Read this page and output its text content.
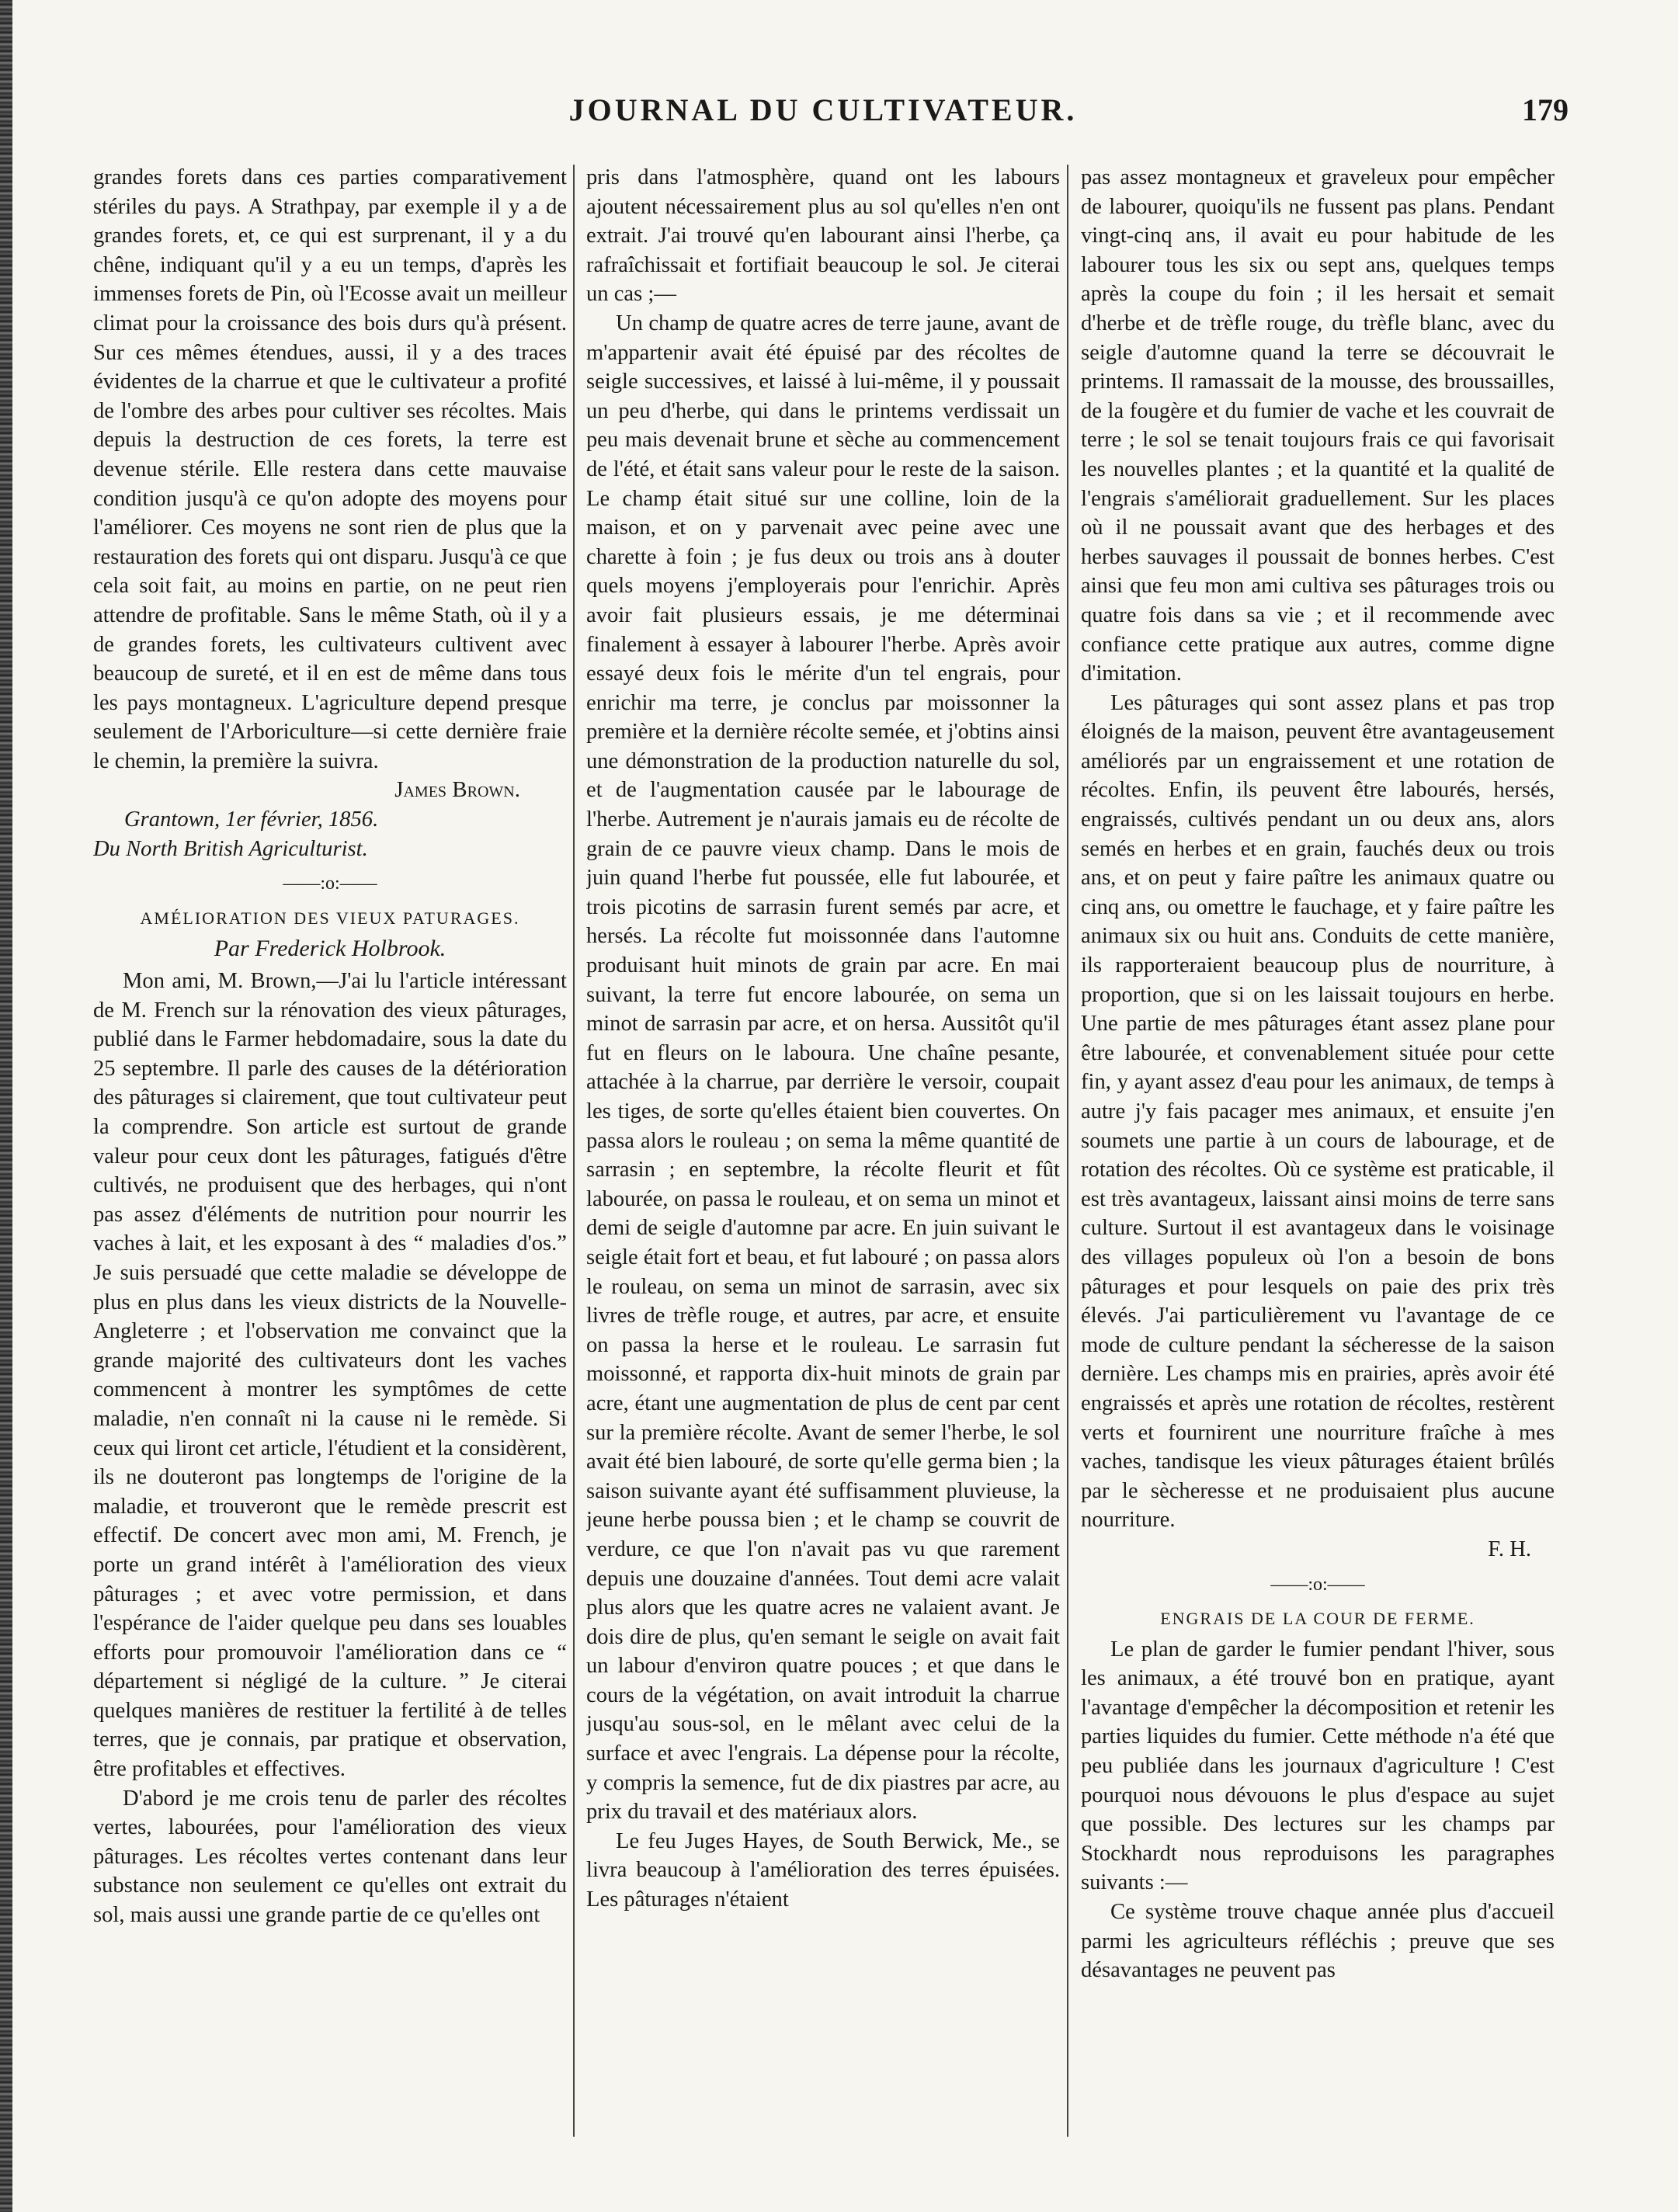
JOURNAL DU CULTIVATEUR.	179

grandes forets dans ces parties comparativement stériles du pays. A Strathpay, par exemple il y a de grandes forets, et, ce qui est surprenant, il y a du chêne, indiquant qu'il y a eu un temps, d'après les immenses forets de Pin, où l'Ecosse avait un meilleur climat pour la croissance des bois durs qu'à présent. Sur ces mêmes étendues, aussi, il y a des traces évidentes de la charrue et que le cultivateur a profité de l'ombre des arbes pour cultiver ses récoltes. Mais depuis la destruction de ces forets, la terre est devenue stérile. Elle restera dans cette mauvaise condition jusqu'à ce qu'on adopte des moyens pour l'améliorer. Ces moyens ne sont rien de plus que la restauration des forets qui ont disparu. Jusqu'à ce que cela soit fait, au moins en partie, on ne peut rien attendre de profitable. Sans le même Stath, où il y a de grandes forets, les cultivateurs cultivent avec beaucoup de sureté, et il en est de même dans tous les pays montagneux. L'agriculture depend presque seulement de l'Arboriculture—si cette dernière fraie le chemin, la première la suivra.

James Brown.

Grantown, 1er février, 1856.

Du North British Agriculturist.

——:o:——
AMÉLIORATION DES VIEUX PATURAGES.
Par Frederick Holbrook.

Mon ami, M. Brown,—J'ai lu l'article intéressant de M. French sur la rénovation des vieux pâturages, publié dans le Farmer hebdomadaire, sous la date du 25 septembre. Il parle des causes de la détérioration des pâturages si clairement, que tout cultivateur peut la comprendre. Son article est surtout de grande valeur pour ceux dont les pâturages, fatigués d'être cultivés, ne produisent que des herbages, qui n'ont pas assez d'éléments de nutrition pour nourrir les vaches à lait, et les exposant à des “ maladies d'os.” Je suis persuadé que cette maladie se développe de plus en plus dans les vieux districts de la Nouvelle-Angleterre ; et l'observation me convainct que la grande majorité des cultivateurs dont les vaches commencent à montrer les symptômes de cette maladie, n'en connaît ni la cause ni le remède. Si ceux qui liront cet article, l'étudient et la considèrent, ils ne douteront pas longtemps de l'origine de la maladie, et trouveront que le remède prescrit est effectif. De concert avec mon ami, M. French, je porte un grand intérêt à l'amélioration des vieux pâturages ; et avec votre permission, et dans l'espérance de l'aider quelque peu dans ses louables efforts pour promouvoir l'amélioration dans ce “ département si négligé de la culture. ” Je citerai quelques manières de restituer la fertilité à de telles terres, que je connais, par pratique et observation, être profitables et effectives.

D'abord je me crois tenu de parler des récoltes vertes, labourées, pour l'amélioration des vieux pâturages. Les récoltes vertes contenant dans leur substance non seulement ce qu'elles ont extrait du sol, mais aussi une grande partie de ce qu'elles ont

pris dans l'atmosphère, quand ont les labours ajoutent nécessairement plus au sol qu'elles n'en ont extrait. J'ai trouvé qu'en labourant ainsi l'herbe, ça rafraîchissait et fortifiait beaucoup le sol. Je citerai un cas ;—

Un champ de quatre acres de terre jaune, avant de m'appartenir avait été épuisé par des récoltes de seigle successives, et laissé à lui-même, il y poussait un peu d'herbe, qui dans le printems verdissait un peu mais devenait brune et sèche au commencement de l'été, et était sans valeur pour le reste de la saison. Le champ était situé sur une colline, loin de la maison, et on y parvenait avec peine avec une charette à foin ; je fus deux ou trois ans à douter quels moyens j'employerais pour l'enrichir. Après avoir fait plusieurs essais, je me déterminai finalement à essayer à labourer l'herbe. Après avoir essayé deux fois le mérite d'un tel engrais, pour enrichir ma terre, je conclus par moissonner la première et la dernière récolte semée, et j'obtins ainsi une démonstration de la production naturelle du sol, et de l'augmentation causée par le labourage de l'herbe. Autrement je n'aurais jamais eu de récolte de grain de ce pauvre vieux champ. Dans le mois de juin quand l'herbe fut poussée, elle fut labourée, et trois picotins de sarrasin furent semés par acre, et hersés. La récolte fut moissonnée dans l'automne produisant huit minots de grain par acre. En mai suivant, la terre fut encore labourée, on sema un minot de sarrasin par acre, et on hersa. Aussitôt qu'il fut en fleurs on le laboura. Une chaîne pesante, attachée à la charrue, par derrière le versoir, coupait les tiges, de sorte qu'elles étaient bien couvertes. On passa alors le rouleau ; on sema la même quantité de sarrasin ; en septembre, la récolte fleurit et fût labourée, on passa le rouleau, et on sema un minot et demi de seigle d'automne par acre. En juin suivant le seigle était fort et beau, et fut labouré ; on passa alors le rouleau, on sema un minot de sarrasin, avec six livres de trèfle rouge, et autres, par acre, et ensuite on passa la herse et le rouleau. Le sarrasin fut moissonné, et rapporta dix-huit minots de grain par acre, étant une augmentation de plus de cent par cent sur la première récolte. Avant de semer l'herbe, le sol avait été bien labouré, de sorte qu'elle germa bien ; la saison suivante ayant été suffisamment pluvieuse, la jeune herbe poussa bien ; et le champ se couvrit de verdure, ce que l'on n'avait pas vu que rarement depuis une douzaine d'années. Tout demi acre valait plus alors que les quatre acres ne valaient avant. Je dois dire de plus, qu'en semant le seigle on avait fait un labour d'environ quatre pouces ; et que dans le cours de la végétation, on avait introduit la charrue jusqu'au sous-sol, en le mêlant avec celui de la surface et avec l'engrais. La dépense pour la récolte, y compris la semence, fut de dix piastres par acre, au prix du travail et des matériaux alors.

Le feu Juges Hayes, de South Berwick, Me., se livra beaucoup à l'amélioration des terres épuisées. Les pâturages n'étaient

pas assez montagneux et graveleux pour empêcher de labourer, quoiqu'ils ne fussent pas plans. Pendant vingt-cinq ans, il avait eu pour habitude de les labourer tous les six ou sept ans, quelques temps après la coupe du foin ; il les hersait et semait d'herbe et de trèfle rouge, du trèfle blanc, avec du seigle d'automne quand la terre se découvrait le printems. Il ramassait de la mousse, des broussailles, de la fougère et du fumier de vache et les couvrait de terre ; le sol se tenait toujours frais ce qui favorisait les nouvelles plantes ; et la quantité et la qualité de l'engrais s'améliorait graduellement. Sur les places où il ne poussait avant que des herbages et des herbes sauvages il poussait de bonnes herbes. C'est ainsi que feu mon ami cultiva ses pâturages trois ou quatre fois dans sa vie ; et il recommende avec confiance cette pratique aux autres, comme digne d'imitation.

Les pâturages qui sont assez plans et pas trop éloignés de la maison, peuvent être avantageusement améliorés par un engraissement et une rotation de récoltes. Enfin, ils peuvent être labourés, hersés, engraissés, cultivés pendant un ou deux ans, alors semés en herbes et en grain, fauchés deux ou trois ans, et on peut y faire paître les animaux quatre ou cinq ans, ou omettre le fauchage, et y faire paître les animaux six ou huit ans. Conduits de cette manière, ils rapporteraient beaucoup plus de nourriture, à proportion, que si on les laissait toujours en herbe. Une partie de mes pâturages étant assez plane pour être labourée, et convenablement située pour cette fin, y ayant assez d'eau pour les animaux, de temps à autre j'y fais pacager mes animaux, et ensuite j'en soumets une partie à un cours de labourage, et de rotation des récoltes. Où ce système est praticable, il est très avantageux, laissant ainsi moins de terre sans culture. Surtout il est avantageux dans le voisinage des villages populeux où l'on a besoin de bons pâturages et pour lesquels on paie des prix très élevés. J'ai particulièrement vu l'avantage de ce mode de culture pendant la sécheresse de la saison dernière. Les champs mis en prairies, après avoir été engraissés et après une rotation de récoltes, restèrent verts et fournirent une nourriture fraîche à mes vaches, tandisque les vieux pâturages étaient brûlés par le sècheresse et ne produisaient plus aucune nourriture.

F. H.

——:o:——
ENGRAIS DE LA COUR DE FERME.

Le plan de garder le fumier pendant l'hiver, sous les animaux, a été trouvé bon en pratique, ayant l'avantage d'empêcher la décomposition et retenir les parties liquides du fumier. Cette méthode n'a été que peu publiée dans les journaux d'agriculture ! C'est pourquoi nous dévouons le plus d'espace au sujet que possible. Des lectures sur les champs par Stockhardt nous reproduisons les paragraphes suivants :—

Ce système trouve chaque année plus d'accueil parmi les agriculteurs réfléchis ; preuve que ses désavantages ne peuvent pas
